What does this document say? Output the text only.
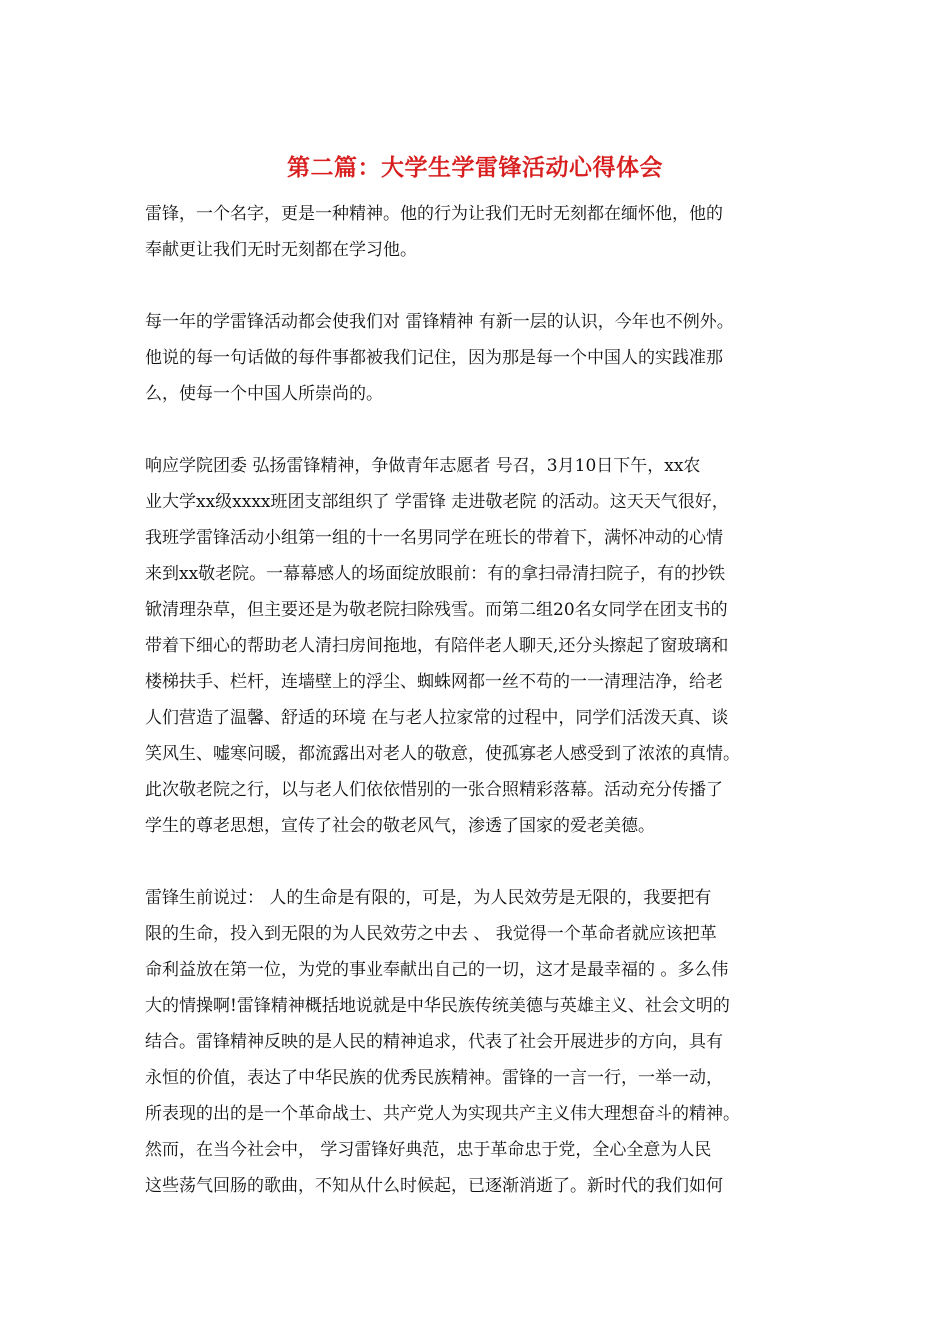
第二篇：大学生学雷锋活动心得体会
雷锋，一个名字，更是一种精神。他的行为让我们无时无刻都在缅怀他，他的
奉献更让我们无时无刻都在学习他。
每一年的学雷锋活动都会使我们对 雷锋精神 有新一层的认识，今年也不例外。
他说的每一句话做的每件事都被我们记住，因为那是每一个中国人的实践准那
么，使每一个中国人所崇尚的。
响应学院团委 弘扬雷锋精神，争做青年志愿者 号召，3月10日下午，xx农
业大学xx级xxxx班团支部组织了 学雷锋 走进敬老院 的活动。这天天气很好，
我班学雷锋活动小组第一组的十一名男同学在班长的带着下，满怀冲动的心情
来到xx敬老院。一幕幕感人的场面绽放眼前：有的拿扫帚清扫院子，有的抄铁
锨清理杂草，但主要还是为敬老院扫除残雪。而第二组20名女同学在团支书的
带着下细心的帮助老人清扫房间拖地，有陪伴老人聊天,还分头擦起了窗玻璃和
楼梯扶手、栏杆，连墙壁上的浮尘、蜘蛛网都一丝不苟的一一清理洁净，给老
人们营造了温馨、舒适的环境 在与老人拉家常的过程中，同学们活泼天真、谈
笑风生、嘘寒问暖，都流露出对老人的敬意，使孤寡老人感受到了浓浓的真情。
此次敬老院之行，以与老人们依依惜别的一张合照精彩落幕。活动充分传播了
学生的尊老思想，宣传了社会的敬老风气，渗透了国家的爱老美德。
雷锋生前说过： 人的生命是有限的，可是，为人民效劳是无限的，我要把有
限的生命，投入到无限的为人民效劳之中去 、 我觉得一个革命者就应该把革
命利益放在第一位，为党的事业奉献出自己的一切，这才是最幸福的 。多么伟
大的情操啊!雷锋精神概括地说就是中华民族传统美德与英雄主义、社会文明的
结合。雷锋精神反映的是人民的精神追求，代表了社会开展进步的方向，具有
永恒的价值，表达了中华民族的优秀民族精神。雷锋的一言一行，一举一动，
所表现的出的是一个革命战士、共产党人为实现共产主义伟大理想奋斗的精神。
然而，在当今社会中， 学习雷锋好典范，忠于革命忠于党，全心全意为人民
这些荡气回肠的歌曲，不知从什么时候起，已逐渐消逝了。新时代的我们如何
